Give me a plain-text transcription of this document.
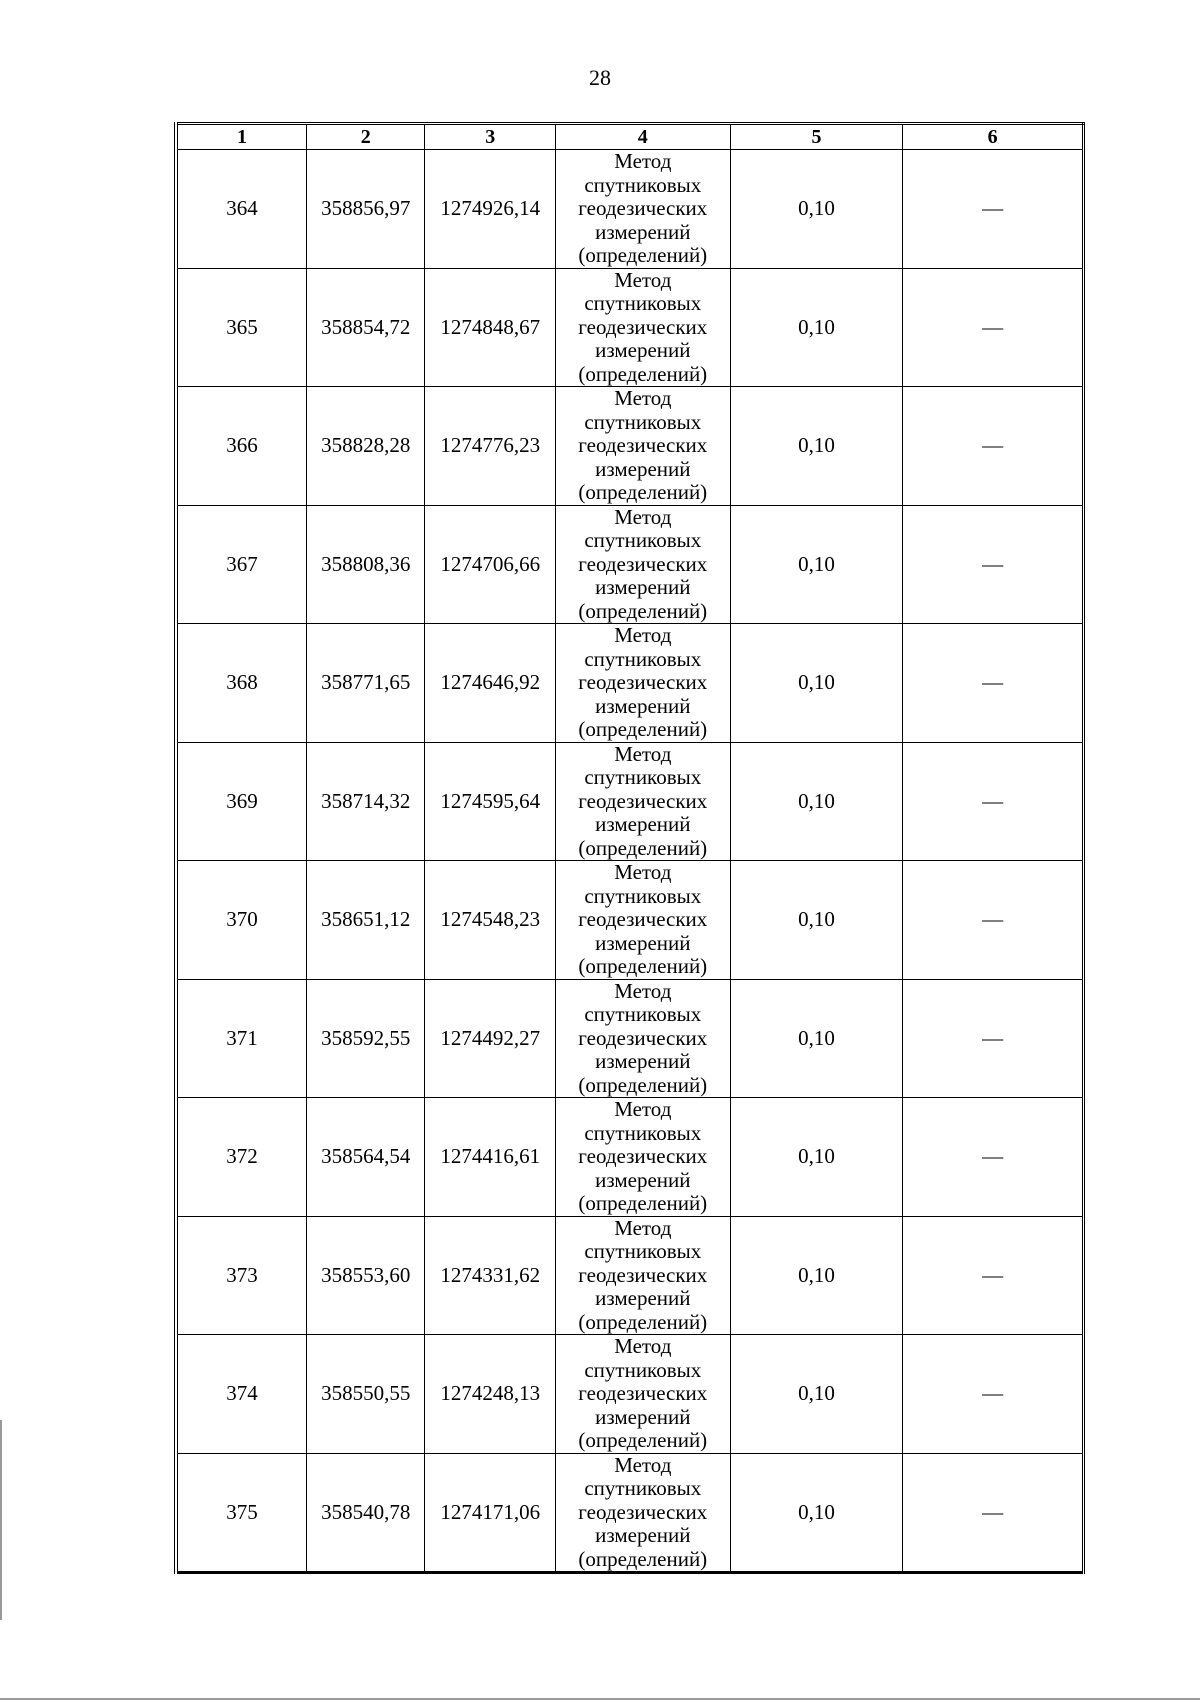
28
1	2	3	4	5	6
364	358856,97	1274926,14	Метод
спутниковых
геодезических
измерений
(определений)	0,10	—
365	358854,72	1274848,67	Метод
спутниковых
геодезических
измерений
(определений)	0,10	—
366	358828,28	1274776,23	Метод
спутниковых
геодезических
измерений
(определений)	0,10	—
367	358808,36	1274706,66	Метод
спутниковых
геодезических
измерений
(определений)	0,10	—
368	358771,65	1274646,92	Метод
спутниковых
геодезических
измерений
(определений)	0,10	—
369	358714,32	1274595,64	Метод
спутниковых
геодезических
измерений
(определений)	0,10	—
370	358651,12	1274548,23	Метод
спутниковых
геодезических
измерений
(определений)	0,10	—
371	358592,55	1274492,27	Метод
спутниковых
геодезических
измерений
(определений)	0,10	—
372	358564,54	1274416,61	Метод
спутниковых
геодезических
измерений
(определений)	0,10	—
373	358553,60	1274331,62	Метод
спутниковых
геодезических
измерений
(определений)	0,10	—
374	358550,55	1274248,13	Метод
спутниковых
геодезических
измерений
(определений)	0,10	—
375	358540,78	1274171,06	Метод
спутниковых
геодезических
измерений
(определений)	0,10	—
